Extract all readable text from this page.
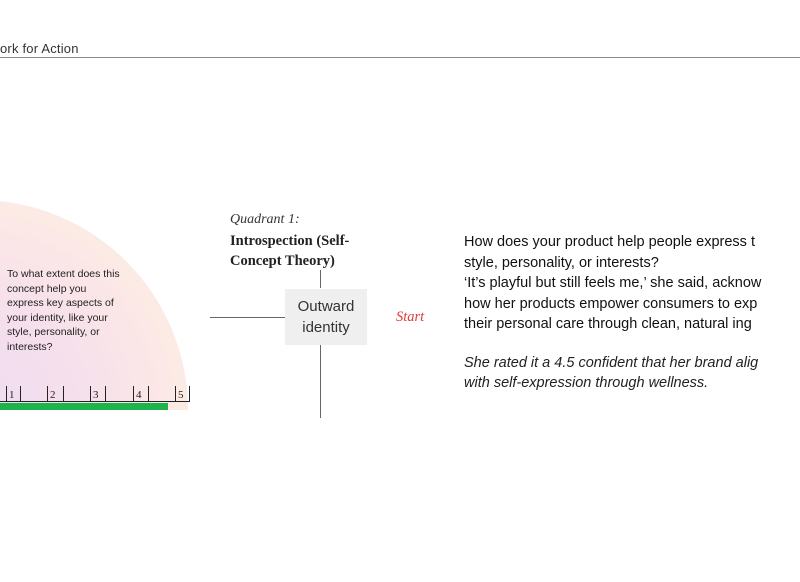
ork for Action
To what extent does this concept help you express key aspects of your identity, like your style, personality, or interests?
1	2	3	4	5
Quadrant 1:
Introspection (Self-Concept Theory)
Outward identity
Start
How does your product help people express t
style, personality, or interests?
‘It’s playful but still feels me,’ she said, acknow
how her products empower consumers to exp
their personal care through clean, natural ing
She rated it a 4.5 confident that her brand alig
with self-expression through wellness.
